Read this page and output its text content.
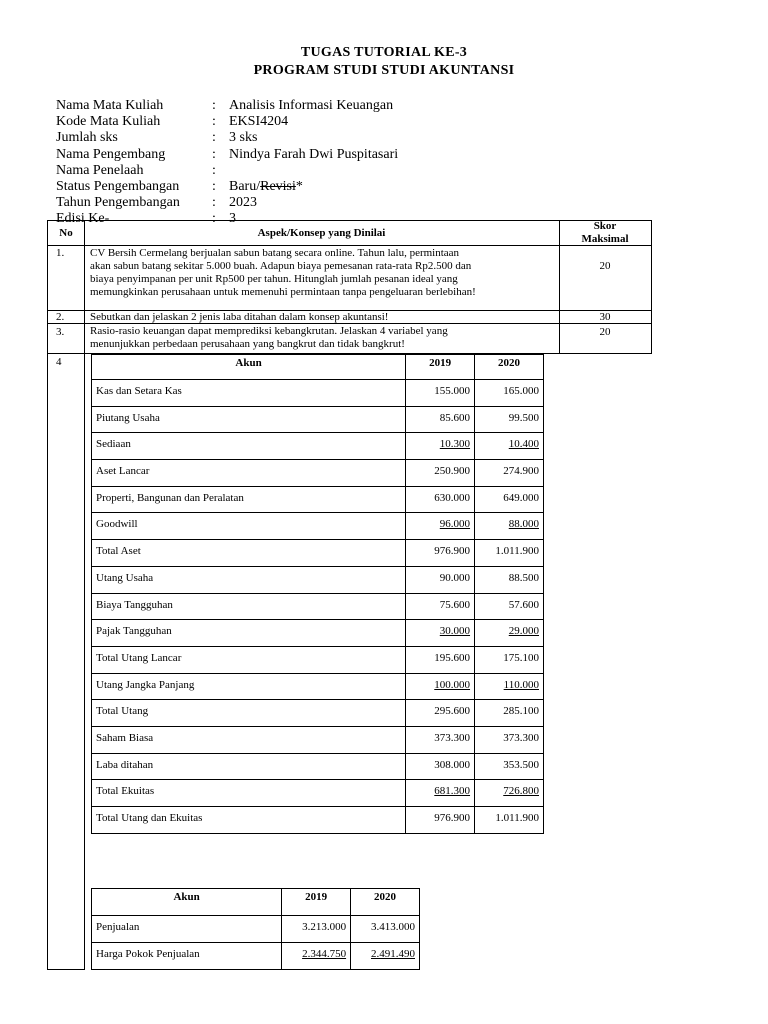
TUGAS TUTORIAL KE-3
PROGRAM STUDI STUDI AKUNTANSI
Nama Mata Kuliah	: Analisis Informasi Keuangan
Kode Mata Kuliah	: EKSI4204
Jumlah sks	: 3 sks
Nama Pengembang	: Nindya Farah Dwi Puspitasari
Nama Penelaah	:
Status Pengembangan	: Baru/Revisi*
Tahun Pengembangan	: 2023
Edisi Ke-	: 3
No	Aspek/Konsep yang Dinilai
Skor
Maksimal
1. CV Bersih Cermelang berjualan sabun batang secara online. Tahun lalu, permintaan
akan sabun batang sekitar 5.000 buah. Adapun biaya pemesanan rata-rata Rp2.500 dan
biaya penyimpanan per unit Rp500 per tahun. Hitunglah jumlah pesanan ideal yang
memungkinkan perusahaan untuk memenuhi permintaan tanpa pengeluaran berlebihan!
20
2. Sebutkan dan jelaskan 2 jenis laba ditahan dalam konsep akuntansi!	30
3. Rasio-rasio keuangan dapat memprediksi kebangkrutan. Jelaskan 4 variabel yang
menunjukkan perbedaan perusahaan yang bangkrut dan tidak bangkrut!
20
4	Akun	2019	2020
Kas dan Setara Kas	155.000	165.000
Piutang Usaha	85.600	99.500
Sediaan	10.300	10.400
Aset Lancar	250.900	274.900
Properti, Bangunan dan Peralatan	630.000	649.000
Goodwill	96.000	88.000
Total Aset	976.900	1.011.900
Utang Usaha	90.000	88.500
Biaya Tangguhan	75.600	57.600
Pajak Tangguhan	30.000	29.000
Total Utang Lancar	195.600	175.100
Utang Jangka Panjang	100.000	110.000
Total Utang	295.600	285.100
Saham Biasa	373.300	373.300
Laba ditahan	308.000	353.500
Total Ekuitas	681.300	726.800
Total Utang dan Ekuitas	976.900	1.011.900
Akun	2019	2020
Penjualan	3.213.000	3.413.000
Harga Pokok Penjualan	2.344.750	2.491.490
